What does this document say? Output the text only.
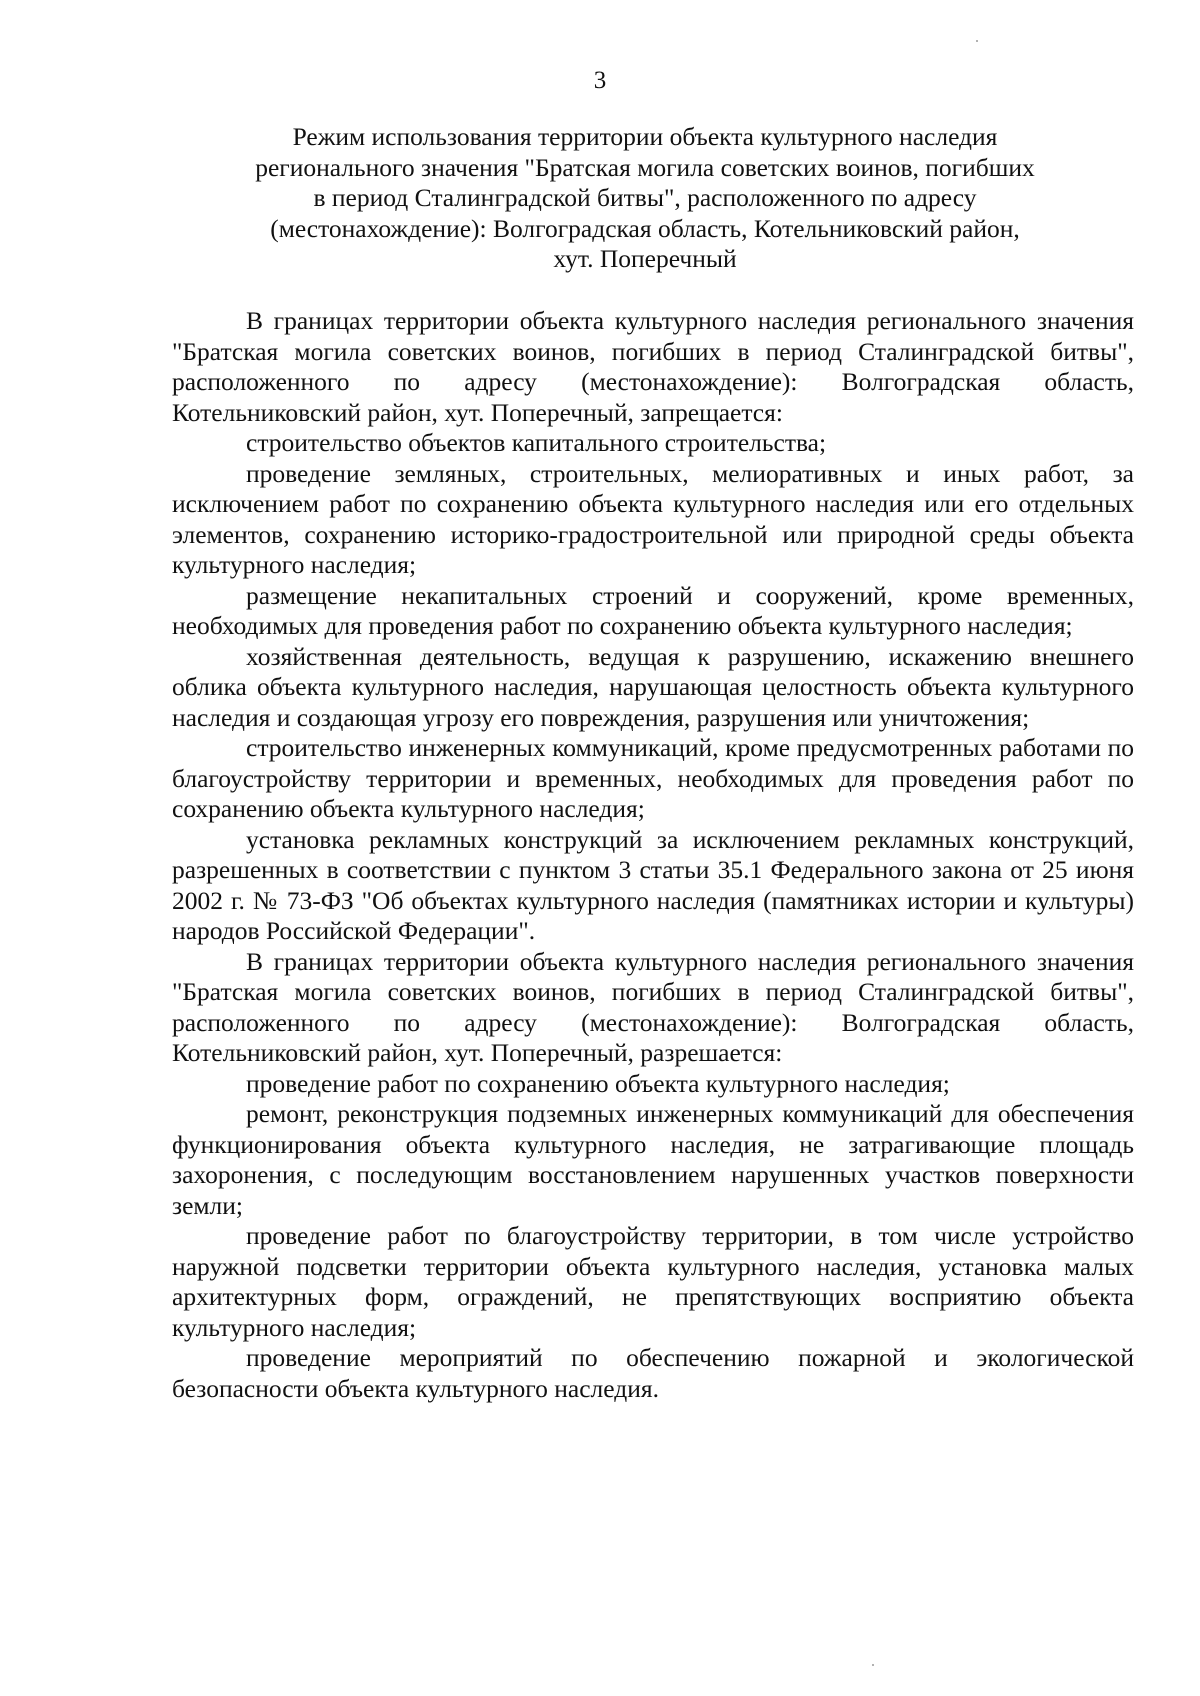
3
Режим использования территории объекта культурного наследия
регионального значения "Братская могила советских воинов, погибших
в период Сталинградской битвы", расположенного по адресу
(местонахождение): Волгоградская область, Котельниковский район,
хут. Поперечный

В границах территории объекта культурного наследия регионального значения "Братская могила советских воинов, погибших в период Сталинградской битвы", расположенного по адресу (местонахождение): Волгоградская область, Котельниковский район, хут. Поперечный, запрещается:

строительство объектов капитального строительства;

проведение земляных, строительных, мелиоративных и иных работ, за исключением работ по сохранению объекта культурного наследия или его отдельных элементов, сохранению историко-градостроительной или природной среды объекта культурного наследия;

размещение некапитальных строений и сооружений, кроме временных, необходимых для проведения работ по сохранению объекта культурного наследия;

хозяйственная деятельность, ведущая к разрушению, искажению внешнего облика объекта культурного наследия, нарушающая целостность объекта культурного наследия и создающая угрозу его повреждения, разрушения или уничтожения;

строительство инженерных коммуникаций, кроме предусмотренных работами по благоустройству территории и временных, необходимых для проведения работ по сохранению объекта культурного наследия;

установка рекламных конструкций за исключением рекламных конструкций, разрешенных в соответствии с пунктом 3 статьи 35.1 Федерального закона от 25 июня 2002 г. № 73-ФЗ "Об объектах культурного наследия (памятниках истории и культуры) народов Российской Федерации".

В границах территории объекта культурного наследия регионального значения "Братская могила советских воинов, погибших в период Сталинградской битвы", расположенного по адресу (местонахождение): Волгоградская область, Котельниковский район, хут. Поперечный, разрешается:

проведение работ по сохранению объекта культурного наследия;

ремонт, реконструкция подземных инженерных коммуникаций для обеспечения функционирования объекта культурного наследия, не затрагивающие площадь захоронения, с последующим восстановлением нарушенных участков поверхности земли;

проведение работ по благоустройству территории, в том числе устройство наружной подсветки территории объекта культурного наследия, установка малых архитектурных форм, ограждений, не препятствующих восприятию объекта культурного наследия;

проведение мероприятий по обеспечению пожарной и экологической безопасности объекта культурного наследия.
